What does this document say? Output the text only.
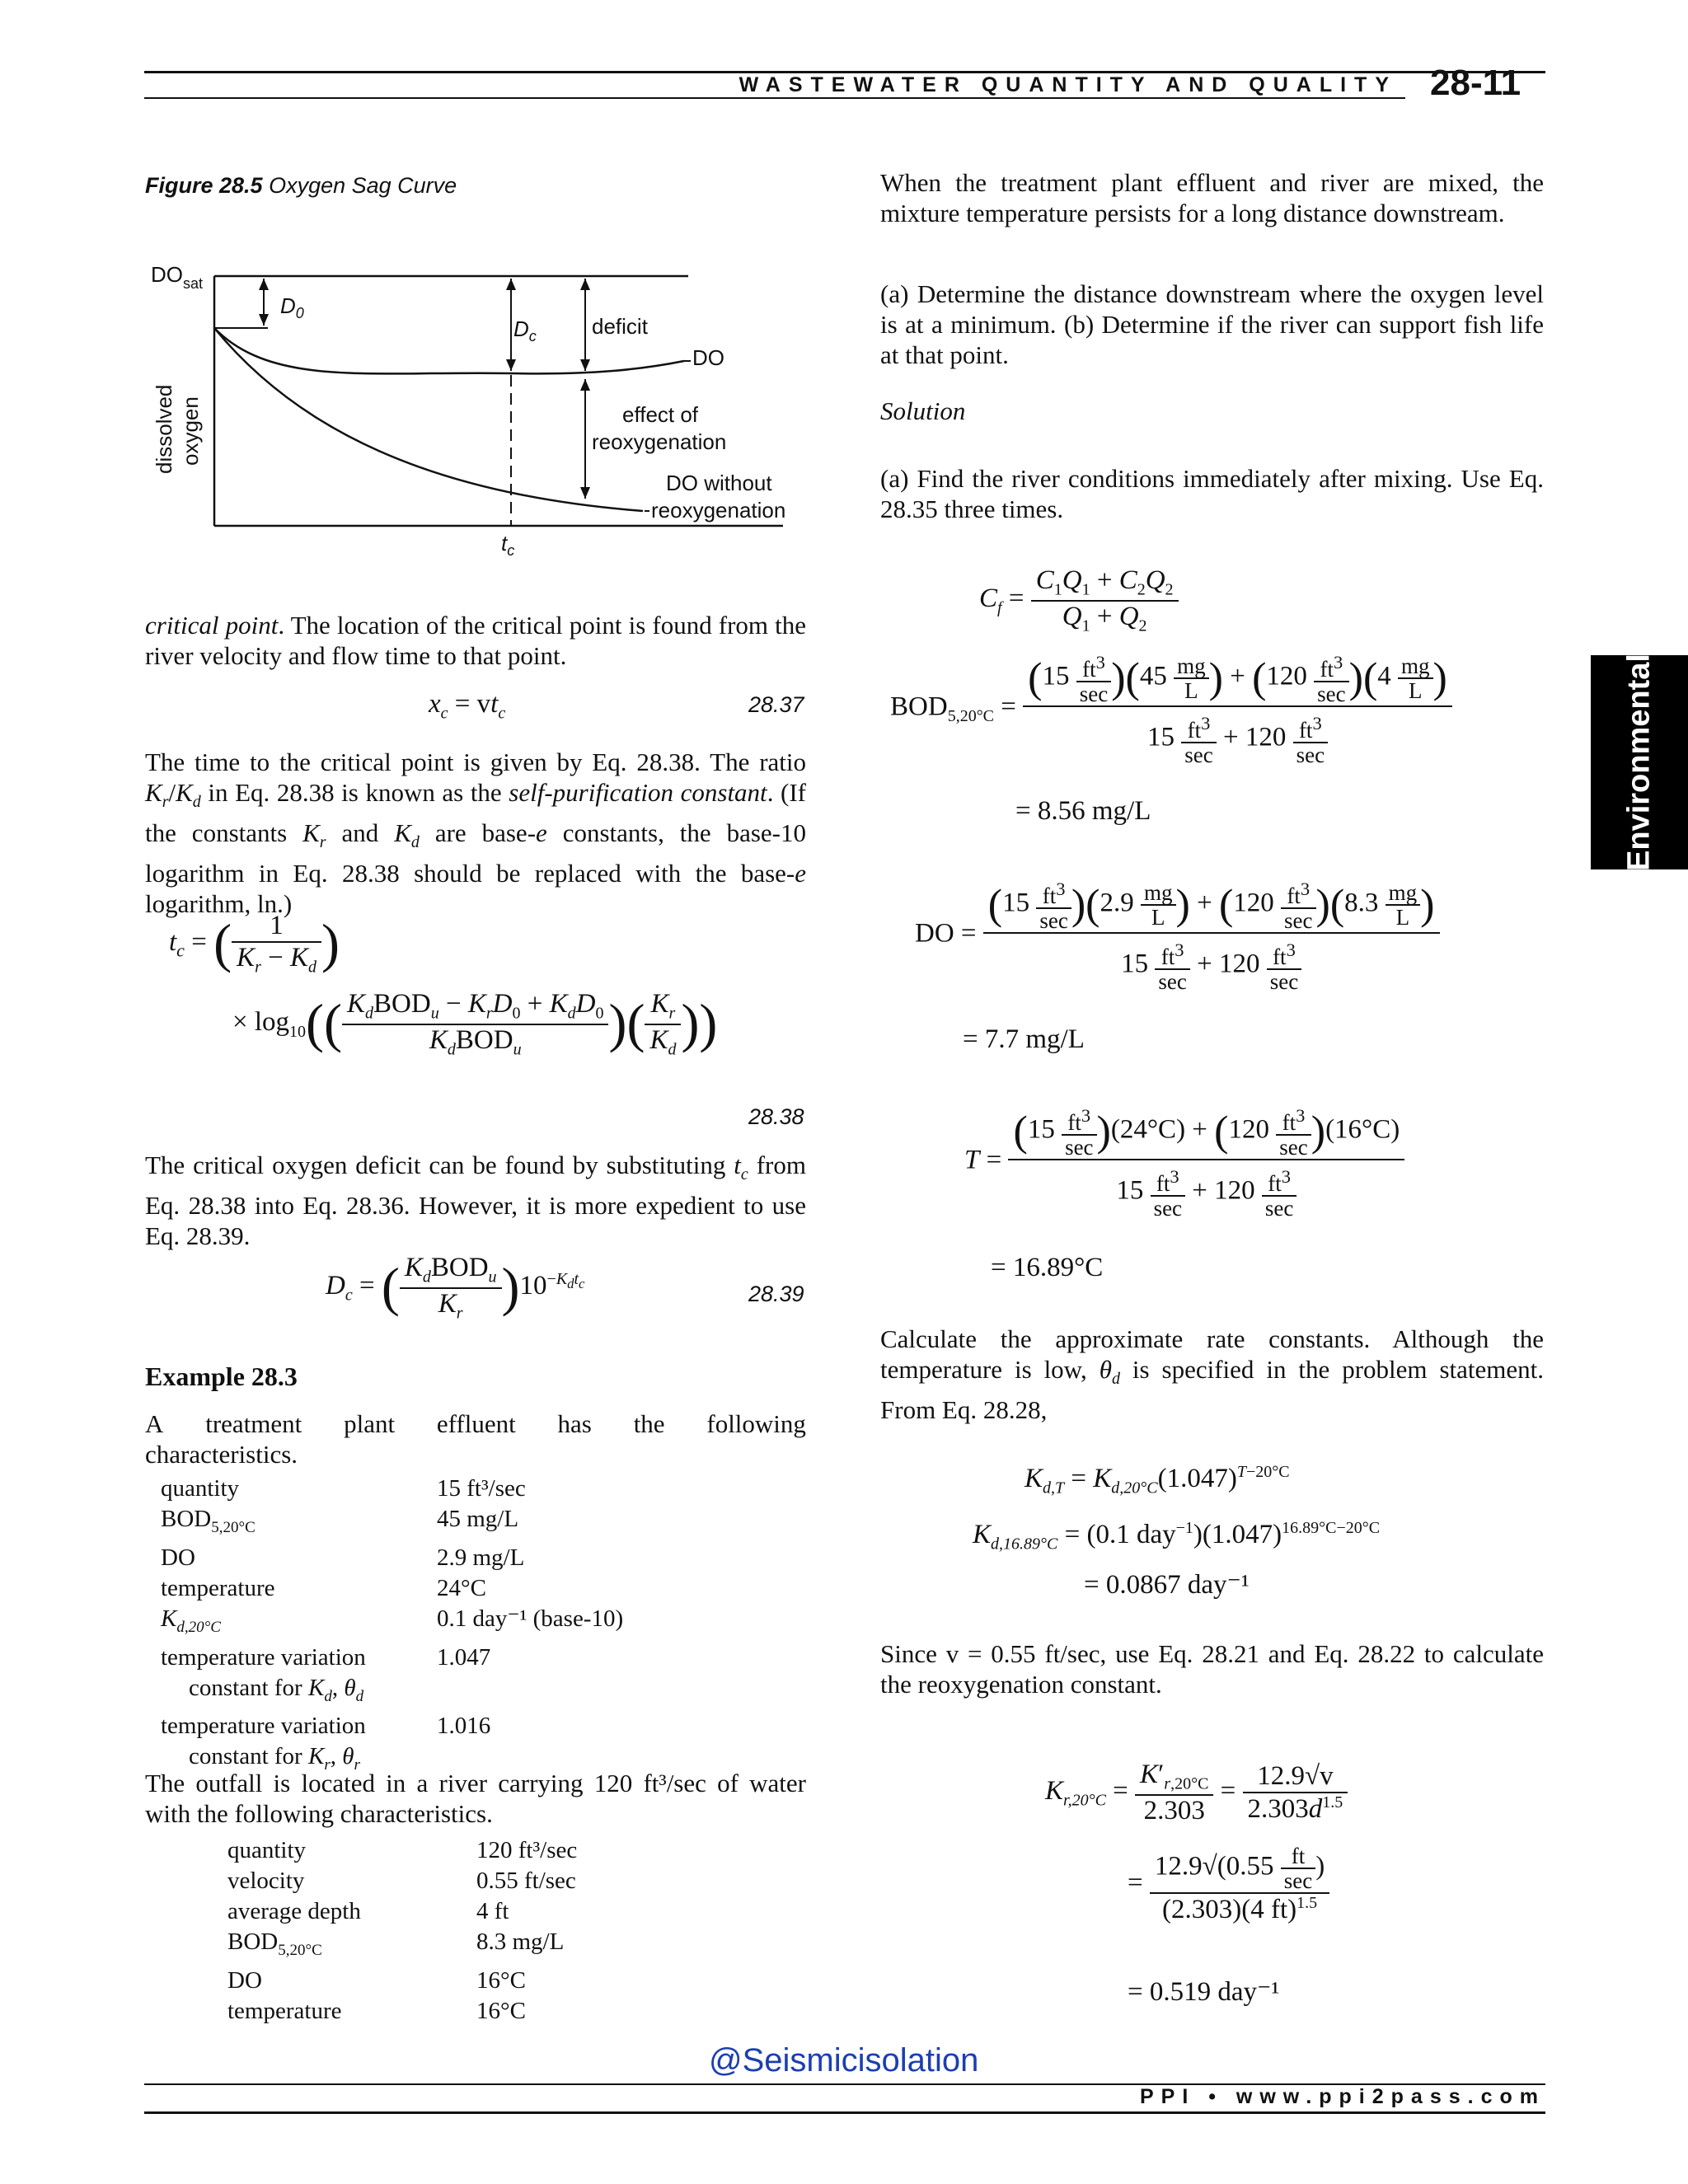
WASTEWATER QUANTITY AND QUALITY 28-11
Environmental
Figure 28.5 Oxygen Sag Curve
$DO_{sat}$
$D_0$
$D_c$	deficit
effect of
reoxygenation
DO
DO without
reoxygenation
dissolved oxygen
$t_c$
critical point. The location of the critical point is found from the river velocity and flow time to that point.
$x_c = vt_c$	28.37
The time to the critical point is given by Eq. 28.38. The ratio $K_r/K_d$ in Eq. 28.38 is known as the self-purification constant. (If the constants $K_r$ and $K_d$ are base-e constants, the base-10 logarithm in Eq. 28.38 should be replaced with the base-e logarithm, ln.)
$t_c$ = ( $\frac{1}{K_r - K_d}$ )
× $\log_{10}(( \frac{K_dBOD_u - K_rD_0 + K_dD_0}{K_dBOD_u}$ )( $\frac{K_r}{K_d}$ ))
28.38
The critical oxygen deficit can be found by substituting $t_c$ from Eq. 28.38 into Eq. 28.36. However, it is more expedient to use Eq. 28.39.
$D_c$ = ( $\frac{K_dBOD_u}{K_r} )10^{-K_dt_c}$	28.39
Example 28.3
A treatment plant effluent has the following
characteristics.
quantity	15 ft³/sec
$BOD_{5,20^\circ C}$	45 mg/L
DO	2.9 mg/L
temperature	24°C
$K_{d,20^\circ C}$	0.1 day⁻¹ (base-10)
temperature variation
constant for $K_d$, $\theta_d$	1.047
temperature variation
constant for $K_r$, $\theta_r$	1.016
The outfall is located in a river carrying 120 ft³/sec of water with the following characteristics.
quantity	120 ft³/sec
velocity	0.55 ft/sec
average depth	4 ft
$BOD_{5,20^\circ C}$	8.3 mg/L
DO	16°C
temperature	16°C
When the treatment plant effluent and river are mixed, the mixture temperature persists for a long distance downstream.
(a) Determine the distance downstream where the oxygen level is at a minimum. (b) Determine if the river can support fish life at that point.
Solution
(a) Find the river conditions immediately after mixing. Use Eq. 28.35 three times.
$C_f = \frac{C_1Q_1 + C_2Q_2}{Q_1 + Q_2}$
$BOD_{5,20^\circ C} = \frac{(15 \frac{ft^3}{\sec} )(45 \frac{mg}{L} ) + (120 \frac{ft^3}{\sec} )(4 \frac{mg}{L} )}{15 \frac{ft^3}{\sec} + 120 \frac{ft^3}{\sec}}$
= 8.56 mg/L
DO = $\frac{(15 \frac{ft^3}{\sec} )(2.9 \frac{mg}{L} ) + (120 \frac{ft^3}{\sec} )(8.3 \frac{mg}{L} )}{15 \frac{ft^3}{\sec} + 120 \frac{ft^3}{\sec}}$
= 7.7 mg/L
$T = \frac{(15 \frac{ft^3}{\sec} )(24^\circ C) + (120 \frac{ft^3}{\sec} )(16^\circ C)}{15 \frac{ft^3}{\sec} + 120 \frac{ft^3}{\sec}}$
= 16.89°C
Calculate the approximate rate constants. Although the temperature is low, $\theta_d$ is specified in the problem statement. From Eq. 28.28,
$K_{d,T} = K_{d,20^\circ C}(1.047)^{T-20^\circ C}$
$K_{d,16.89^\circ C} = (0.1$ $day^{-1})(1.047)^{16.89^\circ C-20^\circ C}$
= 0.0867 day⁻¹
Since v = 0.55 ft/sec, use Eq. 28.21 and Eq. 28.22 to calculate the reoxygenation constant.
$K_{r,20^\circ C} = \frac{K'_{r,20^\circ C}}{2.303} = \frac{12.9√v}{2.303d^{1.5}}$
= $\frac{12.9√(0.55 \frac{ft}{\sec} )}{(2.303)(4 ft)^{1.5}}$
= 0.519 day⁻¹
@Seismicisolation
PPI • www.ppi2pass.com
